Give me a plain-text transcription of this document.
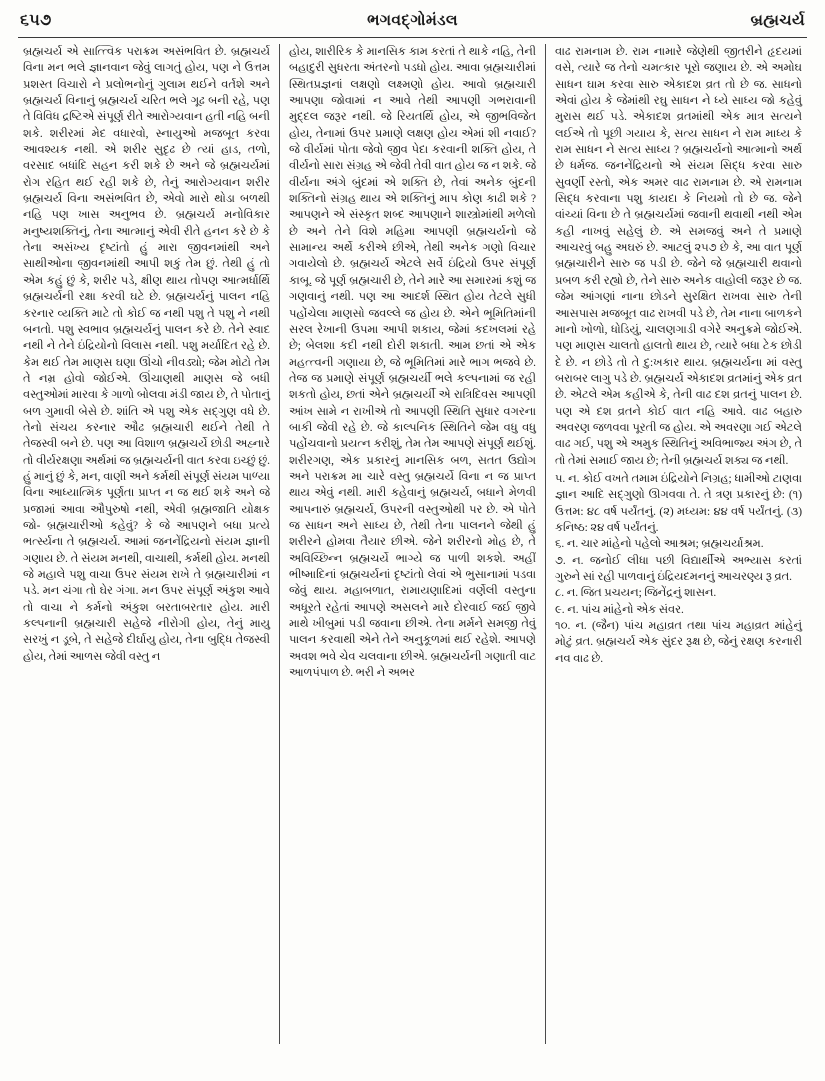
૬૫૭	ભગવદ્‌ગોમંડલ	બ્રહ્મચર્ય

બ્રહ્મચર્ય એ સાત્ત્વિક પરાક્રમ અસંભવિત છે. બ્રહ્મચર્ય વિના મન ભલે જ્ઞાનવાન જેવું લાગતું હોય, પણ ને ઉત્તમ પ્રશસ્ત વિચારો ને પ્રલોભનોનું ગુલામ થઈને વર્તશે અને બ્રહ્મચર્ય વિનાનું બ્રહ્મચર્ય ચરિત ભલે ગૂઢ બની રહે, પણ તે વિવિધ દ્રષ્ટિએ સંપૂર્ણ રીતે આરોગ્યવાન હતી નહિ બની શકે. શરીરમાં મેદ વધારવો, સ્નાયુઓ મજબૂત કરવા આવશ્યક નથી. એ શરીર સુદૃઢ છે ત્યાં હાડ, તળો, વરસાદ બધાંદિ સહન કરી શકે છે અને જે બ્રહ્મચર્યમાં રોગ રહિત થઈ રહી શકે છે, તેનું આરોગ્યવાન શરીર બ્રહ્મચર્ય વિના અસંભવિત છે, એવો મારો થોડા બળથી નહિ પણ ખાસ અનુભવ છે. બ્રહ્મચર્ય મનોવિકાર મનુષ્યશક્તિનું, તેના આત્માનું એવી રીતે હનન કરે છે કે તેના અસંખ્ય દૃષ્ટાંતો હું મારા જીવનમાંથી અને સાથીઓના જીવનમાંથી આપી શકું તેમ છું. તેથી હું તો એમ કહું છું કે, શરીર પડે, ક્ષીણ થાય તોપણ આત્મર્ધાર્થિ બ્રહ્મચર્યની રક્ષા કરવી ઘટે છે. બ્રહ્મચર્યનું પાલન નહિ કરનાર વ્યક્તિ માટે તો કોઈ જ નથી પશુ તે પશુ ને નથી બનતો. પશુ સ્વભાવ બ્રહ્મચર્યનું પાલન કરે છે. તેને સ્વાદ નથી ને તેને ઇંદ્રિયોનો વિલાસ નથી. પશુ મર્યાદિત રહે છે. કેમ થઈ તેમ માણસ ઘણા ઊંચો નીવડ્યો; જેમ મોટો તેમ તે નમ્ર હોવો જોઈએ. ઊંચાણથી માણસ જે બધી વસ્તુઓમાં મારવા કે ગાળો બોલવા મંડી જાય છે, તે પોતાનું બળ ગુમાવી બેસે છે. શાંતિ એ પશુ એક સદ્‌ગુણ વધે છે. તેનો સંચય કરનાર ઔઢ બ્રહ્મચારી થઈને તેથી તે તેજસ્વી બને છે. પણ આ વિશાળ બ્રહ્મચર્યે છોડી અહ્નારે તો વીર્યરક્ષણા અર્થમાં જ બ્રહ્મચર્યની વાત કરવા ઇચ્છું છું. હું માનું છું કે, મન, વાણી અને કર્મથી સંપૂર્ણ સંયમ પાળ્યા વિના આધ્યાત્મિક પૂર્ણતા પ્રાપ્ત ન જ થઈ શકે અને જે પ્રજામાં આવા ઔપુરુષો નથી, એવી બ્રહ્મજાતિ યોક્ષક જો- બ્રહ્મચારીઓ કહેવું? કે જે આપણને બધા પ્રત્યે ભર્ત્સ્યના તે બ્રહ્મચર્ય. આમાં જનનેંદ્રિયનો સંયમ જ્ઞાની ગણાય છે. તે સંયમ મનથી, વાચાથી, કર્મથી હોય. મનથી જે મહાલે પશુ વાચા ઉપર સંયમ રાખે તે બ્રહ્મચારીમાં ન પડે. મન ચંગા તો ઘેર ગંગા. મન ઉપર સંપૂર્ણ અંકુશ આવે તો વાચા ને કર્મનો અંકુશ બરતાબરતાર હોય. મારી કલ્પનાની બ્રહ્મચારી સહેજે નીરોગી હોય, તેનું માયુ સરખું ન ડૂબે, તે સહેજે દીર્ઘાયુ હોય, તેના બુદ્ધિ તેજસ્વી હોય, તેમાં આળસ જેવી વસ્તુ ન

હોય, શારીરિક કે માનસિક કામ કરતાં તે થાકે નહિ, તેની બહાદુરી સુધરતા અંતરનો પડધો હોય. આવા બ્રહ્મચારીમાં સ્થિતપ્રજ્ઞનાં લક્ષણો લક્ષ્મણો હોય. આવો બ્રહ્મચારી આપણા જોવામાં ન આવે તેથી આપણી ગભરાવાની મુદ્દલ જરૂર નથી. જે રિયતર્થિ હોય, એ જીભવિજેત હોય, તેનામાં ઉપર પ્રમાણે લક્ષણ હોય એમાં શી નવાઈ? જે વીર્યમાં પોતા જેવો જીવ પેદા કરવાની શક્તિ હોય, તે વીર્યનો સારા સંગ્રહ એ જેવી તેવી વાત હોય જ ન શકે. જે વીર્યના અંગે બુંદમાં એ શક્તિ છે, તેવાં અનેક બુંદની શક્તિનો સંગ્રહ થાય એ શક્તિનું માપ કોણ કાઢી શકે ? આપણને એ સંસ્કૃત શબ્દ આપણાને શાસ્ત્રોમાંથી મળેલો છે અને તેને વિશે મહિમા આપણી બ્રહ્મચર્યનો જે સામાન્ય અર્થે કરીએ છીએ, તેથી અનેક ગણો વિચાર ગવાયેલો છે. બ્રહ્મચર્ય એટલે સર્વે ઇંદ્રિયો ઉપર સંપૂર્ણ કાબૂ. જે પૂર્ણ બ્રહ્મચારી છે, તેને મારે આ સમારમાં કશું જ ગણવાનું નથી. પણ આ આદર્શ સ્થિત હોય તેટલે સુધી પહોંચેલા માણસો જવલ્લે જ હોય છે. એને ભૂમિતિમાંની સરલ રેખાની ઉપમા આપી શકાય, જેમાં કદખલમાં રહે છે; બેલશા કદી નથી દોરી શકાતી. આમ છતાં એ એક મહત્ત્વની ગણાયા છે, જે ભૂમિતિમાં મારે ભાગ ભજવે છે. તેજ જ પ્રમાણે સંપૂર્ણ બ્રહ્મચર્યી ભલે કલ્પનામાં જ રહી શકતો હોય, છતાં એને બ્રહ્મચર્યી એ રાત્રિદિવસ આપણી આંખ સામે ન રાખીએ તો આપણી સ્થિતિ સુધાર વગરના બાકી જેવી રહે છે. જે કાલ્પનિક સ્થિતિને જેમ વધુ વધુ પહોંચવાનો પ્રયત્ન કરીશું, તેમ તેમ આપણે સંપૂર્ણ થઈશું. શરીરગણ, એક પ્રકારનું માનસિક બળ, સતત ઉદ્યોગ અને પરાક્રમ મા ચારે વસ્તુ બ્રહ્મચર્યે વિના ન જ પ્રાપ્ત થાય એવું નથી. મારી કહેવાનું બ્રહ્મચર્ય, બધાને મેળવી આપનારું બ્રહ્મચર્ય, ઉપરની વસ્તુઓથી પર છે. એ પોતે જ સાધન અને સાધ્ય છે, તેથી તેના પાલનને જેથી હું શરીરને હોમવા તૈયાર છીએ. જેને શરીરનો મોહ છે, તે અવિચ્છિન્ન બ્રહ્મચર્યે ભાગ્યે જ પાળી શકશે. અહીં ભીષ્માદિનાં બ્રહ્મચર્યનાં દૃષ્ટાંતો લેવાં એ ભુસાનામાં પડવા જેવું થાય. મહાબળાત, રામાયણાદિમાં વર્ણેલી વસ્તુના અધૂરતે રહેતાં આપણે અસલને મારે દોરવાઈ જઈ જીવે માથે ખીબુમાં પડી જવાના છીએ. તેના મર્મને સમજી તેવું પાલન કરવાથી એને તેને અનુકૂળમાં થઈ રહેશે. આપણે અવશ ભવે ચેવ ચલવાના છીએ. બ્રહ્મચર્યની ગણાતી વાટ આળપંપાળ છે. ભરી ને અભર

વાઢ રામનામ છે. રામ નામારે જેણેથી જીતરીને હૃદયમાં વસે, ત્યારે જ તેનો ચમત્કાર પૂરો જણાય છે. એ અમોઘ સાધન ઘામ કરવા સારુ એકાદશ વ્રત તો છે જ. સાધનો એવાં હોય કે જેમાંથી રઘુ સાધન ને ધ્યે સાધ્ય જો કહેવું મુરાસ થઈ પડે. એકાદશ વ્રતમાંથી એક માત્ર સત્યને લઈએ તો પૂછી ગયાય કે, સત્ય સાધન ને રામ માધ્ય કે રામ સાધન ને સત્ય સાધ્ય ? બ્રહ્મચર્યનો આત્માનો અર્થ છે ધર્મજ. જનનેંદ્રિયનો એ સંયમ સિદ્ધ કરવા સારુ સુવર્ણી રસ્તો, એક અમર વાઢ રામનામ છે. એ રામનામ સિદ્ધ કરવાના પશુ કાયદા કે નિયમો તો છે જ. જેને વાંચ્યાં વિના છે તે બ્રહ્મચર્યમાં જવાની થવાથી નથી એમ કહી નાખવું સહેલું છે. એ સમજવું અને તે પ્રમાણે આચરવું બહુ અઘરું છે. આટલું ૨૫૭ છે કે, આ વાત પૂર્ણ બ્રહ્મચારીને સારુ જ પડી છે. જેને જે બ્રહ્મચારી થવાનો પ્રબળ કરી રહ્યો છે, તેને સારુ અનેક વાહોલી જરૂર છે જ. જેમ આંગણાં નાના છોડને સુરક્ષિત રાખવા સારુ તેની આસપાસ મજબૂત વાઢ રાખવી પડે છે, તેમ નાના બાળકને માનો ખોળો, ધોડિયું, ચાલણગાડી વગેરે અનુક્રમે જોઈએ. પણ માણસ ચાલતો હાલતો થાય છે, ત્યારે બધા ટેક છોડી દે છે. ન છોડે તો તે દુ:ખકાર થાય. બ્રહ્મચર્યના માં વસ્તુ બરાબર લાગુ પડે છે. બ્રહ્મચર્ય એકાદશ વ્રતમાંનું એક વ્રત છે. એટલે એમ કહીએ કે, તેની વાઢ દશ વ્રતનું પાલન છે. પણ એ દશ વ્રતને કોઈ વાત નહિ આવે. વાઢ બહારુ અવરણ જળવવા પૂરતી જ હોય. એ અવરણા ગઈ એટલે વાઢ ગઈ, પશુ એ અમુક સ્થિતિનું અવિભાજ્ય અંગ છે, તે તો તેમાં સમાઈ જાય છે; તેની બ્રહ્મચર્ય શક્ય જ નથી.

પ. ન. કોઈ વખતે તમામ ઇંદ્રિયોને નિગ્રહ; ધામીઓ ટાણવા જ્ઞાન આદિ સદ્‌ગુણો ઊગવવા તે. તે ત્રણ પ્રકારનું છે: (૧) ઉત્તમ: ૪૮ વર્ષ પર્યંતનું. (૨) મધ્યમ: ૪૪ વર્ષ પર્યંતનું. (૩) કનિષ્ઠ: ૨૪ વર્ષ પર્યંતનું.

૬. ન. ચાર માંહેનો પહેલો આશ્રમ; બ્રહ્મચર્યાશ્રમ.

૭. ન. જનોઈ લીધા પછી વિદ્યાર્થીએ અભ્યાસ કરતાં ગુરુને સાં રહી પાળવાનું ઇંદ્રિયદમનનું આચરણ્ય રૂ વ્રત.

૮. ન. જિત પ્રચયન; જિનેંદ્રનું શાસન.

૯. ન. પાંચ માંહેનો એક સંવર.

૧૦. ન. (જૈન) પાંચ મહાવ્રત તથા પાંચ મહાવ્રત માંહેનું મોટું વ્રત. બ્રહ્મચર્ય એક સુંદર રૂક્ષ છે, જેનું રક્ષણ કરનારી નવ વાઢ છે.
